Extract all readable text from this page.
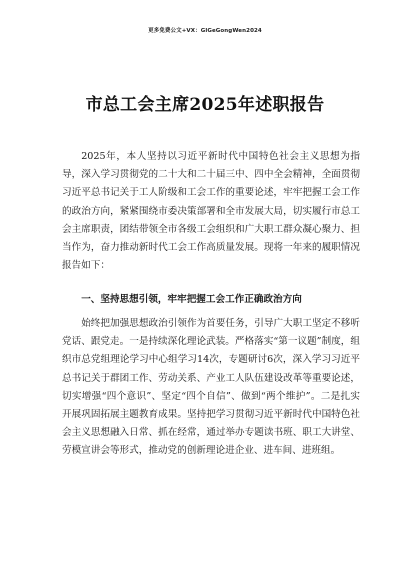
更多免费公文+VX：GlGeGongWen2024
市总工会主席2025年述职报告

2025年，本人坚持以习近平新时代中国特色社会主义思想为指导，深入学习贯彻党的二十大和二十届三中、四中全会精神，全面贯彻习近平总书记关于工人阶级和工会工作的重要论述，牢牢把握工会工作的政治方向，紧紧围绕市委决策部署和全市发展大局，切实履行市总工会主席职责，团结带领全市各级工会组织和广大职工群众凝心聚力、担当作为，奋力推动新时代工会工作高质量发展。现将一年来的履职情况报告如下：

一、坚持思想引领，牢牢把握工会工作正确政治方向

始终把加强思想政治引领作为首要任务，引导广大职工坚定不移听党话、跟党走。一是持续深化理论武装。严格落实“第一议题”制度，组织市总党组理论学习中心组学习14次，专题研讨6次，深入学习习近平总书记关于群团工作、劳动关系、产业工人队伍建设改革等重要论述，切实增强“四个意识”、坚定“四个自信”、做到“两个维护”。二是扎实开展巩固拓展主题教育成果。坚持把学习贯彻习近平新时代中国特色社会主义思想融入日常、抓在经常，通过举办专题读书班、职工大讲堂、劳模宣讲会等形式，推动党的创新理论进企业、进车间、进班组。
